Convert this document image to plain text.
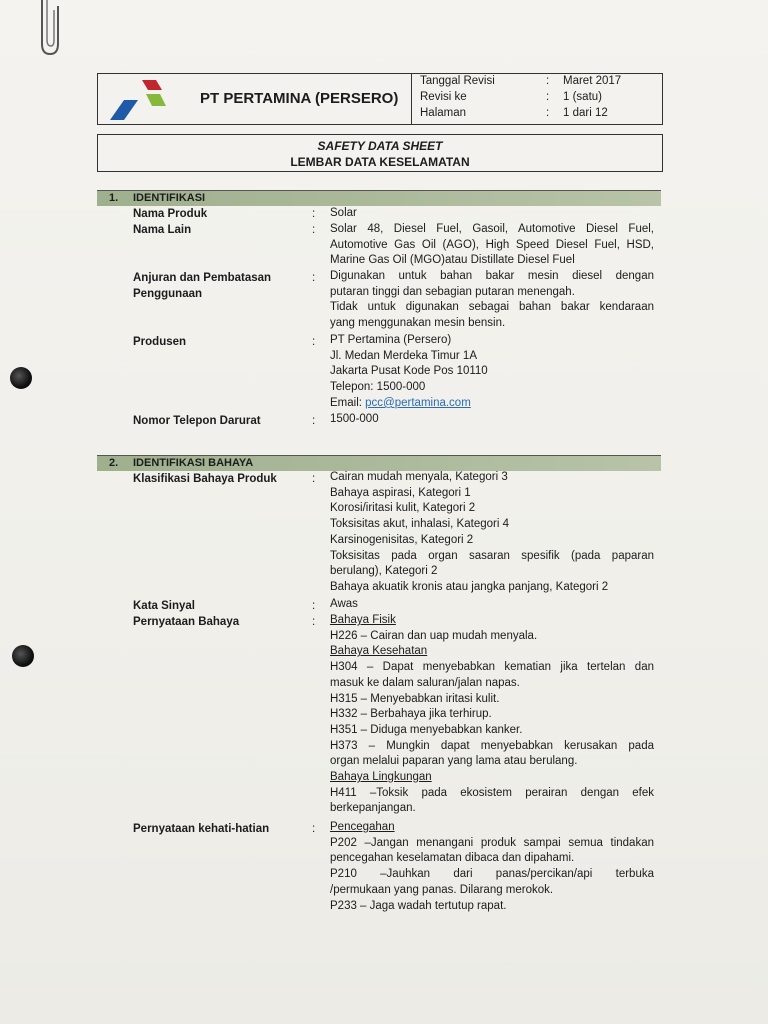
PT PERTAMINA (PERSERO)
Tanggal Revisi	: Maret 2017
Revisi ke	: 1 (satu)
Halaman	: 1 dari 12
SAFETY DATA SHEET
LEMBAR DATA KESELAMATAN
1. IDENTIFIKASI
Nama Produk	: Solar
Nama Lain	: Solar 48, Diesel Fuel, Gasoil, Automotive Diesel Fuel,
Automotive Gas Oil (AGO), High Speed Diesel Fuel, HSD,
Marine Gas Oil (MGO)atau Distillate Diesel Fuel
Anjuran dan Pembatasan
Penggunaan
: Digunakan untuk bahan bakar mesin diesel dengan
putaran tinggi dan sebagian putaran menengah.
Tidak untuk digunakan sebagai bahan bakar kendaraan
yang menggunakan mesin bensin.
Produsen	: PT Pertamina (Persero)
Jl. Medan Merdeka Timur 1A
Jakarta Pusat Kode Pos 10110
Telepon: 1500-000
Email: pcc@pertamina.com
Nomor Telepon Darurat	: 1500-000
2. IDENTIFIKASI BAHAYA
Klasifikasi Bahaya Produk	: Cairan mudah menyala, Kategori 3
Bahaya aspirasi, Kategori 1
Korosi/iritasi kulit, Kategori 2
Toksisitas akut, inhalasi, Kategori 4
Karsinogenisitas, Kategori 2
Toksisitas pada organ sasaran spesifik (pada paparan
berulang), Kategori 2
Bahaya akuatik kronis atau jangka panjang, Kategori 2
Kata Sinyal	: Awas
Pernyataan Bahaya	: Bahaya Fisik
H226 – Cairan dan uap mudah menyala.
Bahaya Kesehatan
H304 – Dapat menyebabkan kematian jika tertelan dan
masuk ke dalam saluran/jalan napas.
H315 – Menyebabkan iritasi kulit.
H332 – Berbahaya jika terhirup.
H351 – Diduga menyebabkan kanker.
H373 – Mungkin dapat menyebabkan kerusakan pada
organ melalui paparan yang lama atau berulang.
Bahaya Lingkungan
H411 –Toksik pada ekosistem perairan dengan efek
berkepanjangan.
Pernyataan kehati-hatian	: Pencegahan
P202 –Jangan menangani produk sampai semua tindakan
pencegahan keselamatan dibaca dan dipahami.
P210 –Jauhkan dari panas/percikan/api terbuka
/permukaan yang panas. Dilarang merokok.
P233 – Jaga wadah tertutup rapat.
